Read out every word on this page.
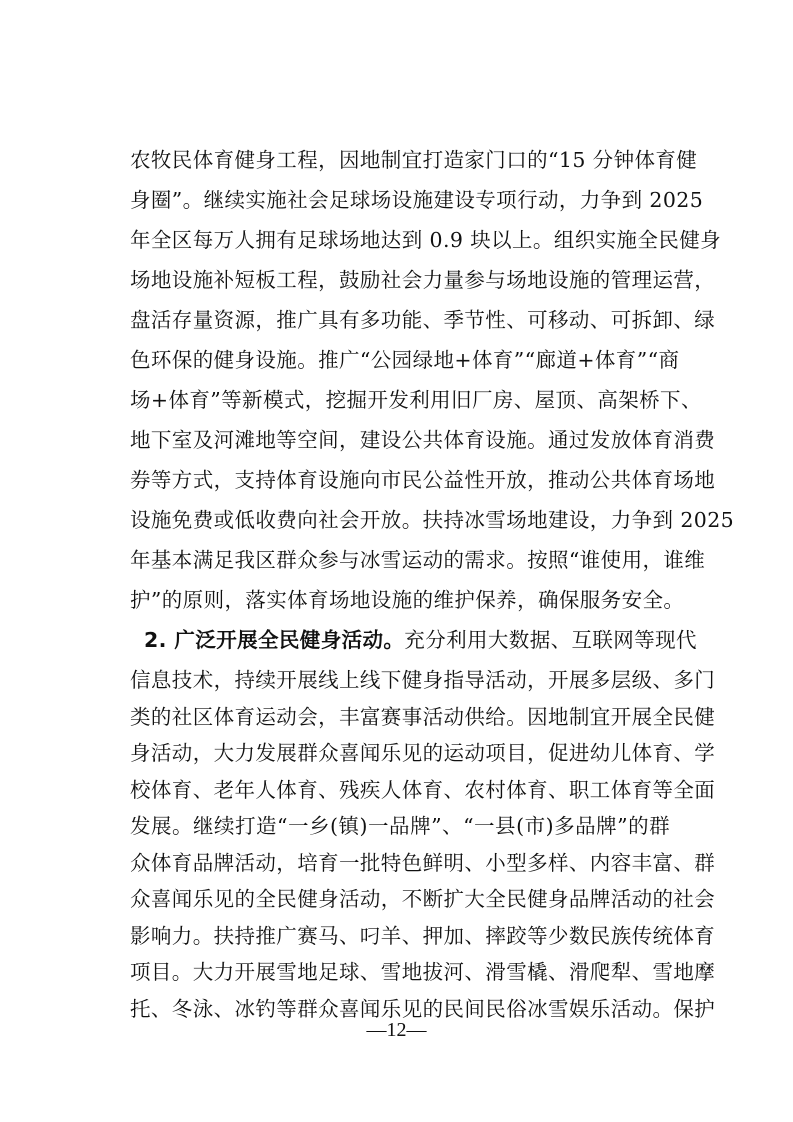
农牧民体育健身工程，因地制宜打造家门口的“15 分钟体育健

身圈”。继续实施社会足球场设施建设专项行动，力争到 2025

年全区每万人拥有足球场地达到 0.9 块以上。组织实施全民健身

场地设施补短板工程，鼓励社会力量参与场地设施的管理运营，

盘活存量资源，推广具有多功能、季节性、可移动、可拆卸、绿

色环保的健身设施。推广“公园绿地+体育”“廊道+体育”“商

场+体育”等新模式，挖掘开发利用旧厂房、屋顶、高架桥下、

地下室及河滩地等空间，建设公共体育设施。通过发放体育消费

券等方式，支持体育设施向市民公益性开放，推动公共体育场地

设施免费或低收费向社会开放。扶持冰雪场地建设，力争到 2025

年基本满足我区群众参与冰雪运动的需求。按照“谁使用，谁维

护”的原则，落实体育场地设施的维护保养，确保服务安全。

2. 广泛开展全民健身活动。充分利用大数据、互联网等现代

信息技术，持续开展线上线下健身指导活动，开展多层级、多门

类的社区体育运动会，丰富赛事活动供给。因地制宜开展全民健

身活动，大力发展群众喜闻乐见的运动项目，促进幼儿体育、学

校体育、老年人体育、残疾人体育、农村体育、职工体育等全面

发展。继续打造“一乡(镇)一品牌”、“一县(市)多品牌”的群

众体育品牌活动，培育一批特色鲜明、小型多样、内容丰富、群

众喜闻乐见的全民健身活动，不断扩大全民健身品牌活动的社会

影响力。扶持推广赛马、叼羊、押加、摔跤等少数民族传统体育

项目。大力开展雪地足球、雪地拔河、滑雪橇、滑爬犁、雪地摩

托、冬泳、冰钓等群众喜闻乐见的民间民俗冰雪娱乐活动。保护

—12—
